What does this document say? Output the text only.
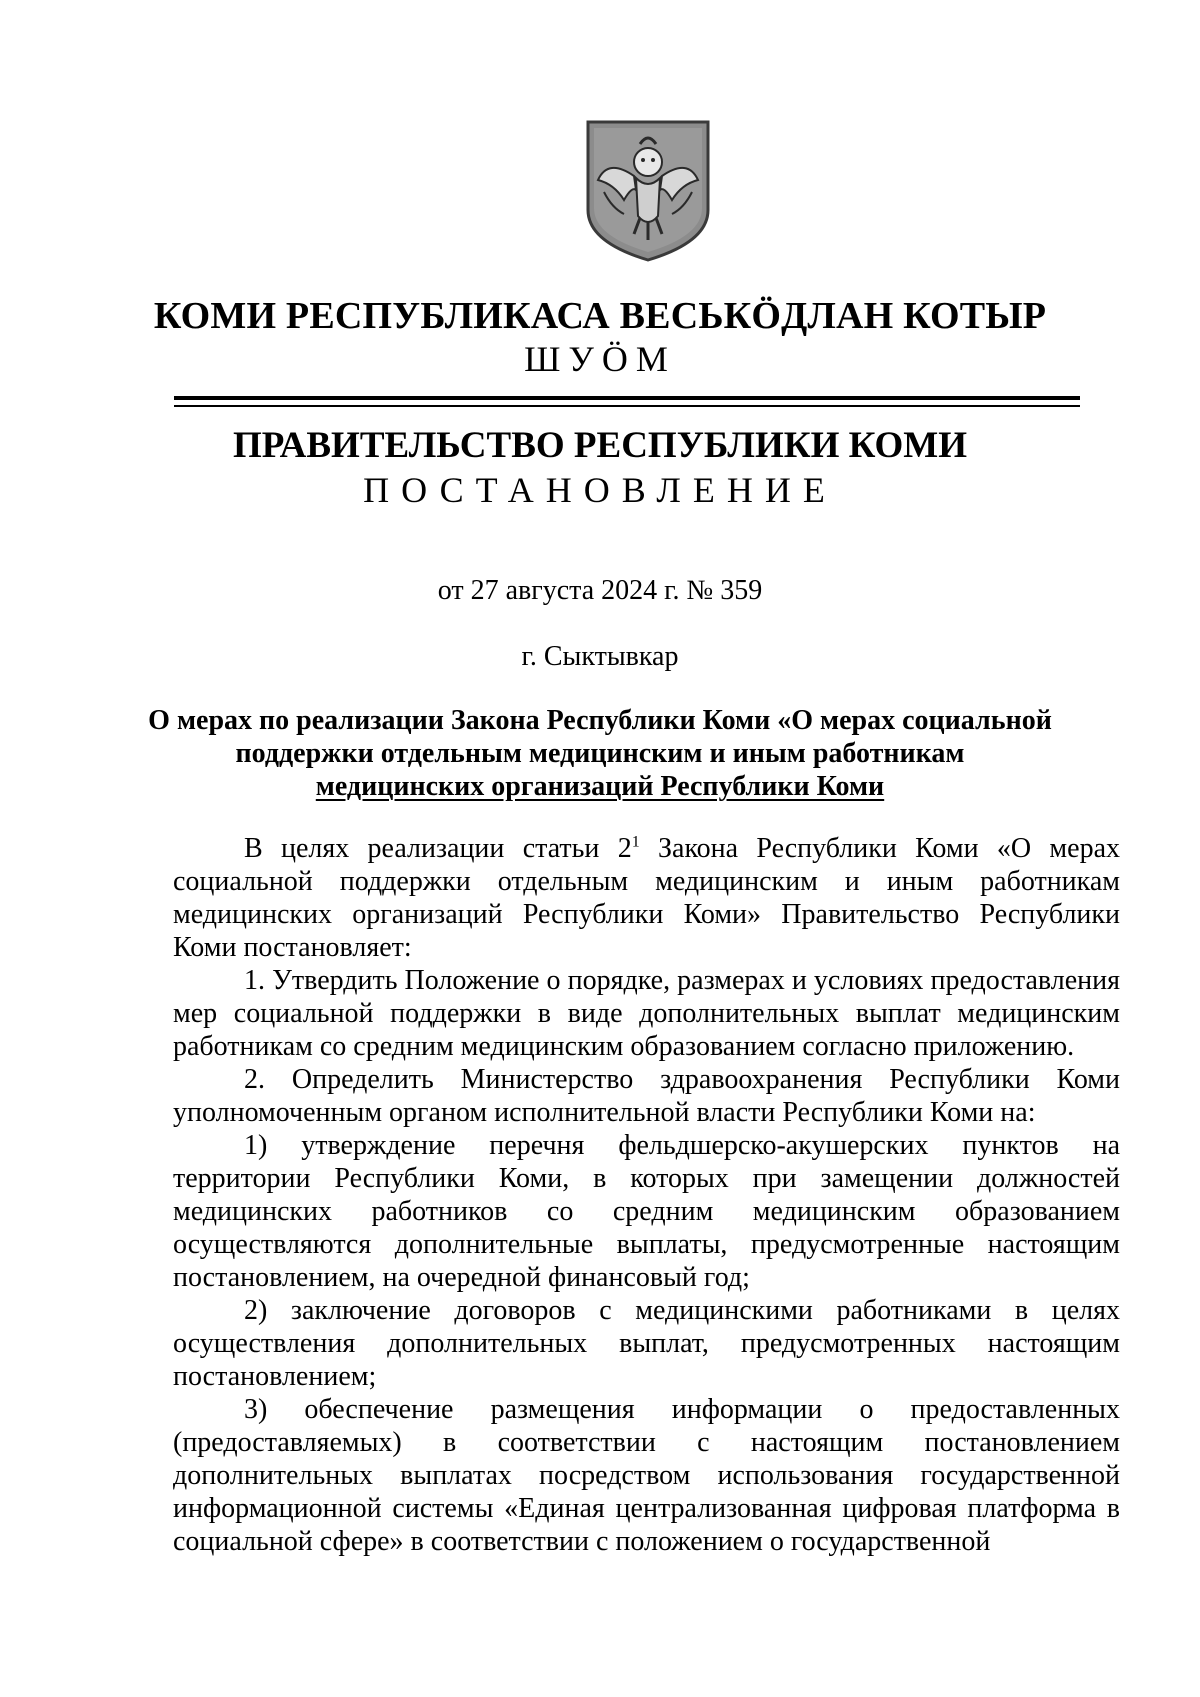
КОМИ РЕСПУБЛИКАСА ВЕСЬКӦДЛАН КОТЫР
ШУӦМ
ПРАВИТЕЛЬСТВО РЕСПУБЛИКИ КОМИ
ПОСТАНОВЛЕНИЕ
от 27 августа 2024 г. № 359
г. Сыктывкар
О мерах по реализации Закона Республики Коми «О мерах социальной
поддержки отдельным медицинским и иным работникам
медицинских организаций Республики Коми

В целях реализации статьи $2^1$ Закона Республики Коми «О мерах социальной поддержки отдельным медицинским и иным работникам медицинских организаций Республики Коми» Правительство Республики Коми постановляет:

1. Утвердить Положение о порядке, размерах и условиях предоставления мер социальной поддержки в виде дополнительных выплат медицинским работникам со средним медицинским образованием согласно приложению.

2. Определить Министерство здравоохранения Республики Коми уполномоченным органом исполнительной власти Республики Коми на:

1) утверждение перечня фельдшерско-акушерских пунктов на территории Республики Коми, в которых при замещении должностей медицинских работников со средним медицинским образованием осуществляются дополнительные выплаты, предусмотренные настоящим постановлением, на очередной финансовый год;

2) заключение договоров с медицинскими работниками в целях осуществления дополнительных выплат, предусмотренных настоящим постановлением;

3) обеспечение размещения информации о предоставленных (предоставляемых) в соответствии с настоящим постановлением дополнительных выплатах посредством использования государственной информационной системы «Единая централизованная цифровая платформа в социальной сфере» в соответствии с положением о государственной
